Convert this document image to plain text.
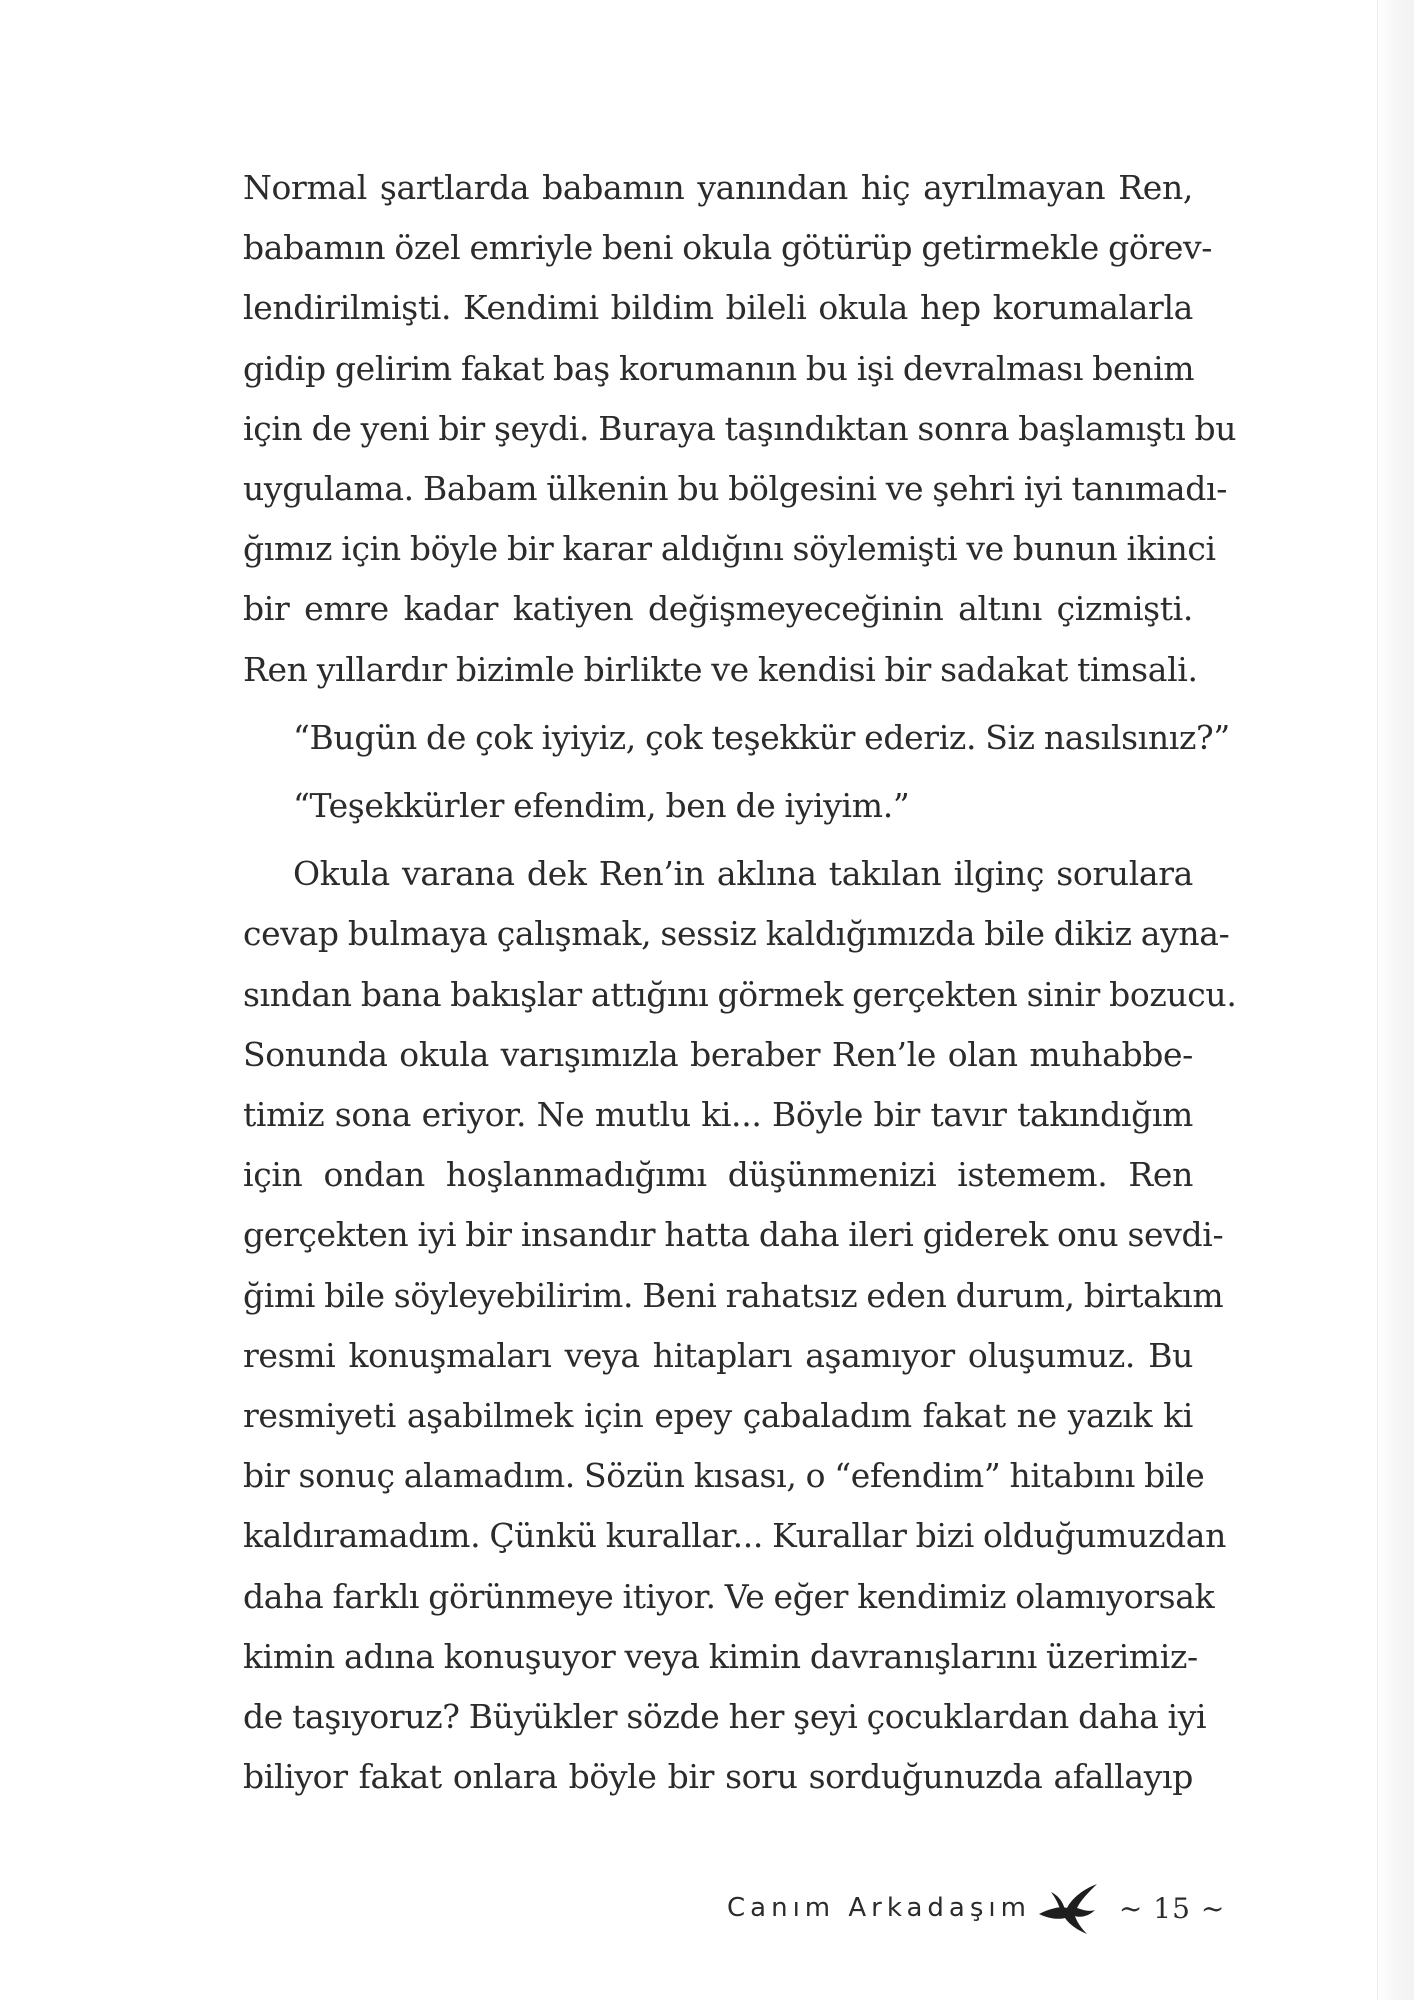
Normal şartlarda babamın yanından hiç ayrılmayan Ren,
babamın özel emriyle beni okula götürüp getirmekle görev-
lendirilmişti. Kendimi bildim bileli okula hep korumalarla
gidip gelirim fakat baş korumanın bu işi devralması benim
için de yeni bir şeydi. Buraya taşındıktan sonra başlamıştı bu
uygulama. Babam ülkenin bu bölgesini ve şehri iyi tanımadı-
ğımız için böyle bir karar aldığını söylemişti ve bunun ikinci
bir emre kadar katiyen değişmeyeceğinin altını çizmişti.
Ren yıllardır bizimle birlikte ve kendisi bir sadakat timsali.

“Bugün de çok iyiyiz, çok teşekkür ederiz. Siz nasılsınız?”

“Teşekkürler efendim, ben de iyiyim.”

Okula varana dek Ren’in aklına takılan ilginç sorulara
cevap bulmaya çalışmak, sessiz kaldığımızda bile dikiz ayna-
sından bana bakışlar attığını görmek gerçekten sinir bozucu.
Sonunda okula varışımızla beraber Ren’le olan muhabbe-
timiz sona eriyor. Ne mutlu ki... Böyle bir tavır takındığım
için ondan hoşlanmadığımı düşünmenizi istemem. Ren
gerçekten iyi bir insandır hatta daha ileri giderek onu sevdi-
ğimi bile söyleyebilirim. Beni rahatsız eden durum, birtakım
resmi konuşmaları veya hitapları aşamıyor oluşumuz. Bu
resmiyeti aşabilmek için epey çabaladım fakat ne yazık ki
bir sonuç alamadım. Sözün kısası, o “efendim” hitabını bile
kaldıramadım. Çünkü kurallar... Kurallar bizi olduğumuzdan
daha farklı görünmeye itiyor. Ve eğer kendimiz olamıyorsak
kimin adına konuşuyor veya kimin davranışlarını üzerimiz-
de taşıyoruz? Büyükler sözde her şeyi çocuklardan daha iyi
biliyor fakat onlara böyle bir soru sorduğunuzda afallayıp

Canım Arkadaşım	~ 15 ~
